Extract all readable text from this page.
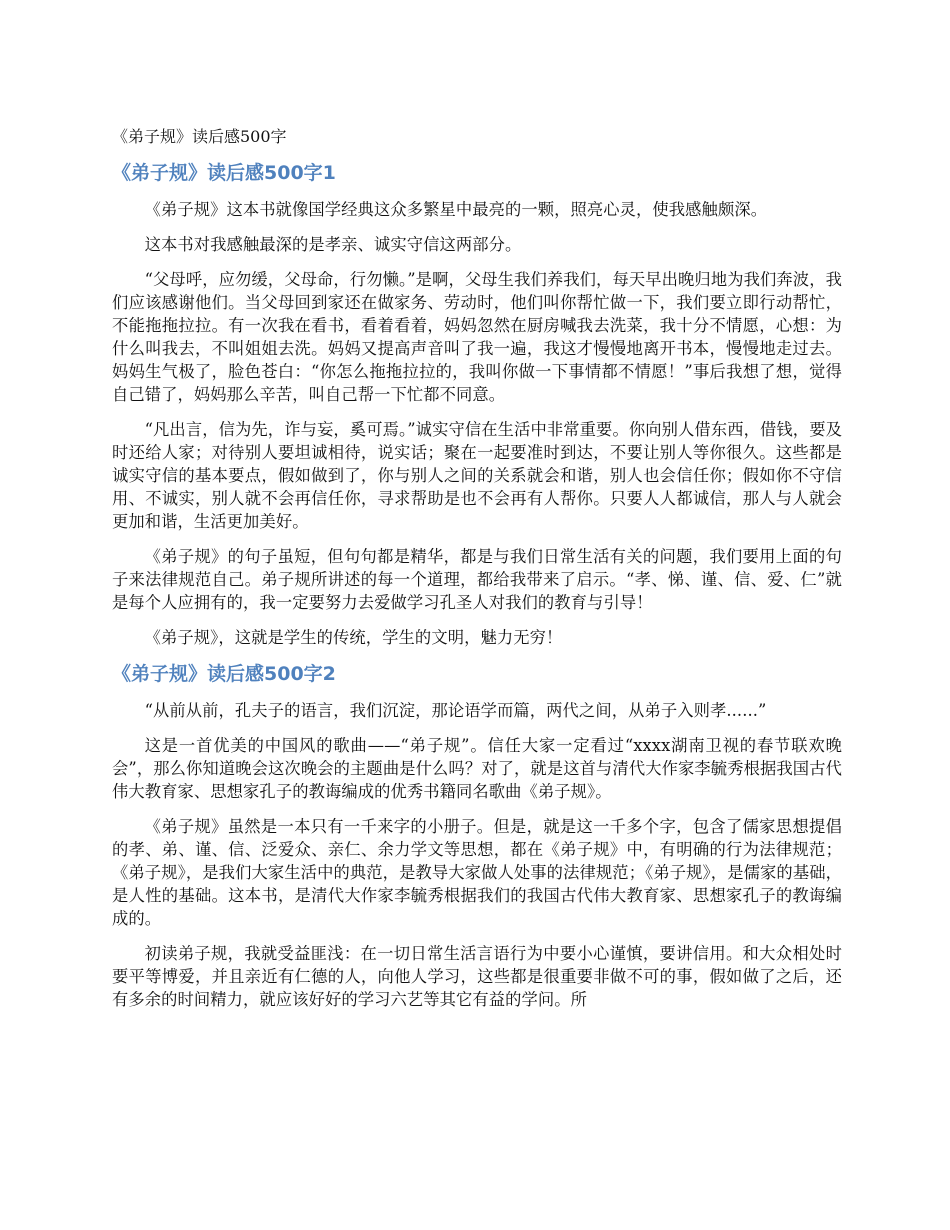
《弟子规》读后感500字
《弟子规》读后感500字1

《弟子规》这本书就像国学经典这众多繁星中最亮的一颗，照亮心灵，使我感触颇深。

这本书对我感触最深的是孝亲、诚实守信这两部分。

“父母呼，应勿缓，父母命，行勿懒。”是啊，父母生我们养我们，每天早出晚归地为我们奔波，我们应该感谢他们。当父母回到家还在做家务、劳动时，他们叫你帮忙做一下，我们要立即行动帮忙，不能拖拖拉拉。有一次我在看书，看着看着，妈妈忽然在厨房喊我去洗菜，我十分不情愿，心想：为什么叫我去，不叫姐姐去洗。妈妈又提高声音叫了我一遍，我这才慢慢地离开书本，慢慢地走过去。妈妈生气极了，脸色苍白：“你怎么拖拖拉拉的，我叫你做一下事情都不情愿！”事后我想了想，觉得自己错了，妈妈那么辛苦，叫自己帮一下忙都不同意。

“凡出言，信为先，诈与妄，奚可焉。”诚实守信在生活中非常重要。你向别人借东西，借钱，要及时还给人家；对待别人要坦诚相待，说实话；聚在一起要准时到达，不要让别人等你很久。这些都是诚实守信的基本要点，假如做到了，你与别人之间的关系就会和谐，别人也会信任你；假如你不守信用、不诚实，别人就不会再信任你，寻求帮助是也不会再有人帮你。只要人人都诚信，那人与人就会更加和谐，生活更加美好。

《弟子规》的句子虽短，但句句都是精华，都是与我们日常生活有关的问题，我们要用上面的句子来法律规范自己。弟子规所讲述的每一个道理，都给我带来了启示。“孝、悌、谨、信、爱、仁”就是每个人应拥有的，我一定要努力去爱做学习孔圣人对我们的教育与引导！

《弟子规》，这就是学生的传统，学生的文明，魅力无穷！

《弟子规》读后感500字2

“从前从前，孔夫子的语言，我们沉淀，那论语学而篇，两代之间，从弟子入则孝......”

这是一首优美的中国风的歌曲——“弟子规”。信任大家一定看过“xxxx湖南卫视的春节联欢晚会”，那么你知道晚会这次晚会的主题曲是什么吗？对了，就是这首与清代大作家李毓秀根据我国古代伟大教育家、思想家孔子的教诲编成的优秀书籍同名歌曲《弟子规》。

《弟子规》虽然是一本只有一千来字的小册子。但是，就是这一千多个字，包含了儒家思想提倡的孝、弟、谨、信、泛爱众、亲仁、余力学文等思想，都在《弟子规》中，有明确的行为法律规范；《弟子规》，是我们大家生活中的典范，是教导大家做人处事的法律规范；《弟子规》，是儒家的基础，是人性的基础。这本书，是清代大作家李毓秀根据我们的我国古代伟大教育家、思想家孔子的教诲编成的。

初读弟子规，我就受益匪浅：在一切日常生活言语行为中要小心谨慎，要讲信用。和大众相处时要平等博爱，并且亲近有仁德的人，向他人学习，这些都是很重要非做不可的事，假如做了之后，还有多余的时间精力，就应该好好的学习六艺等其它有益的学问。所
